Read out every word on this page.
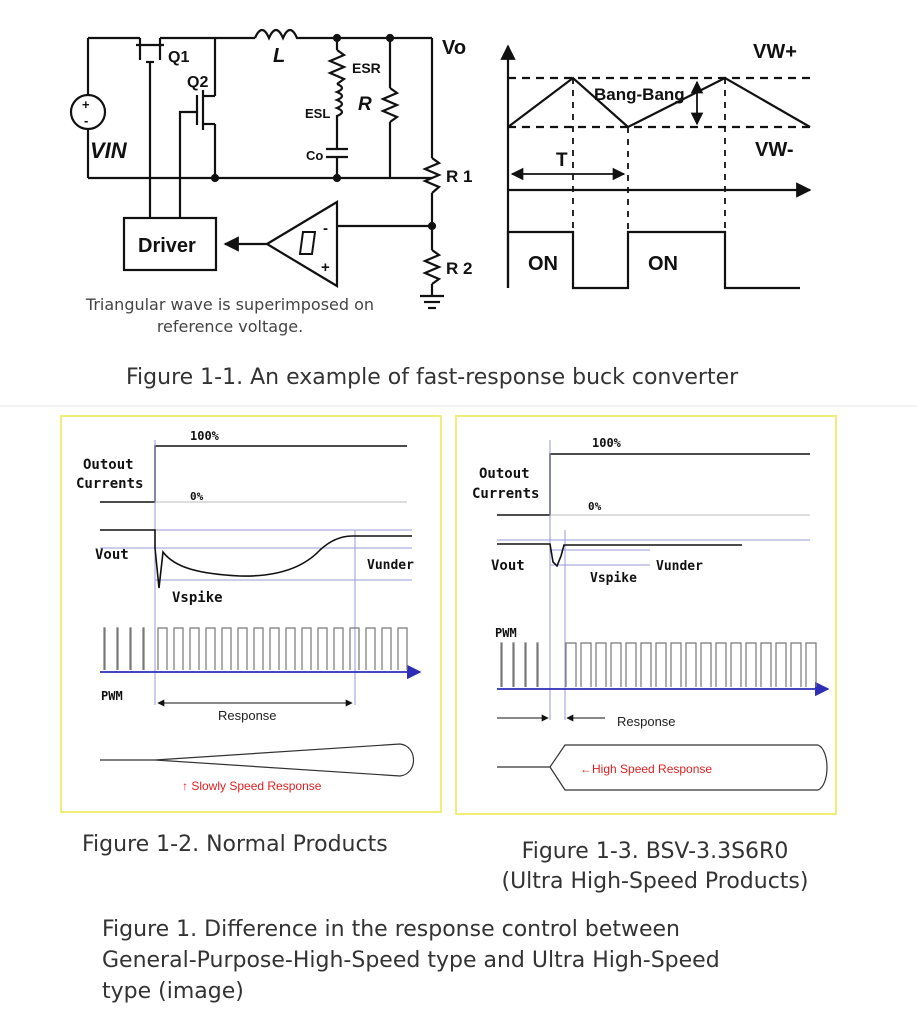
-
+
+
-
Vo
L
ESR
ESL R
Co
Q1
Q2
VIN
Driver
R 1
R 2
VW+
VW-
Bang-Bang
T
ON	ON
100%
0%
Outout
Currents
Vout
Vunder
Vspike
PWM
Response
↑ Slowly Speed Response
100%
0%
Outout
Currents
Vout	Vunder
Vspike
PWM
Response
←High Speed Response
Triangular wave is superimposed on
reference voltage.
Figure 1-1. An example of fast-response buck converter
Figure 1-2. Normal Products	Figure 1-3. BSV-3.3S6R0
(Ultra High-Speed Products)
Figure 1. Difference in the response control between
General-Purpose-High-Speed type and Ultra High-Speed
type (image)
